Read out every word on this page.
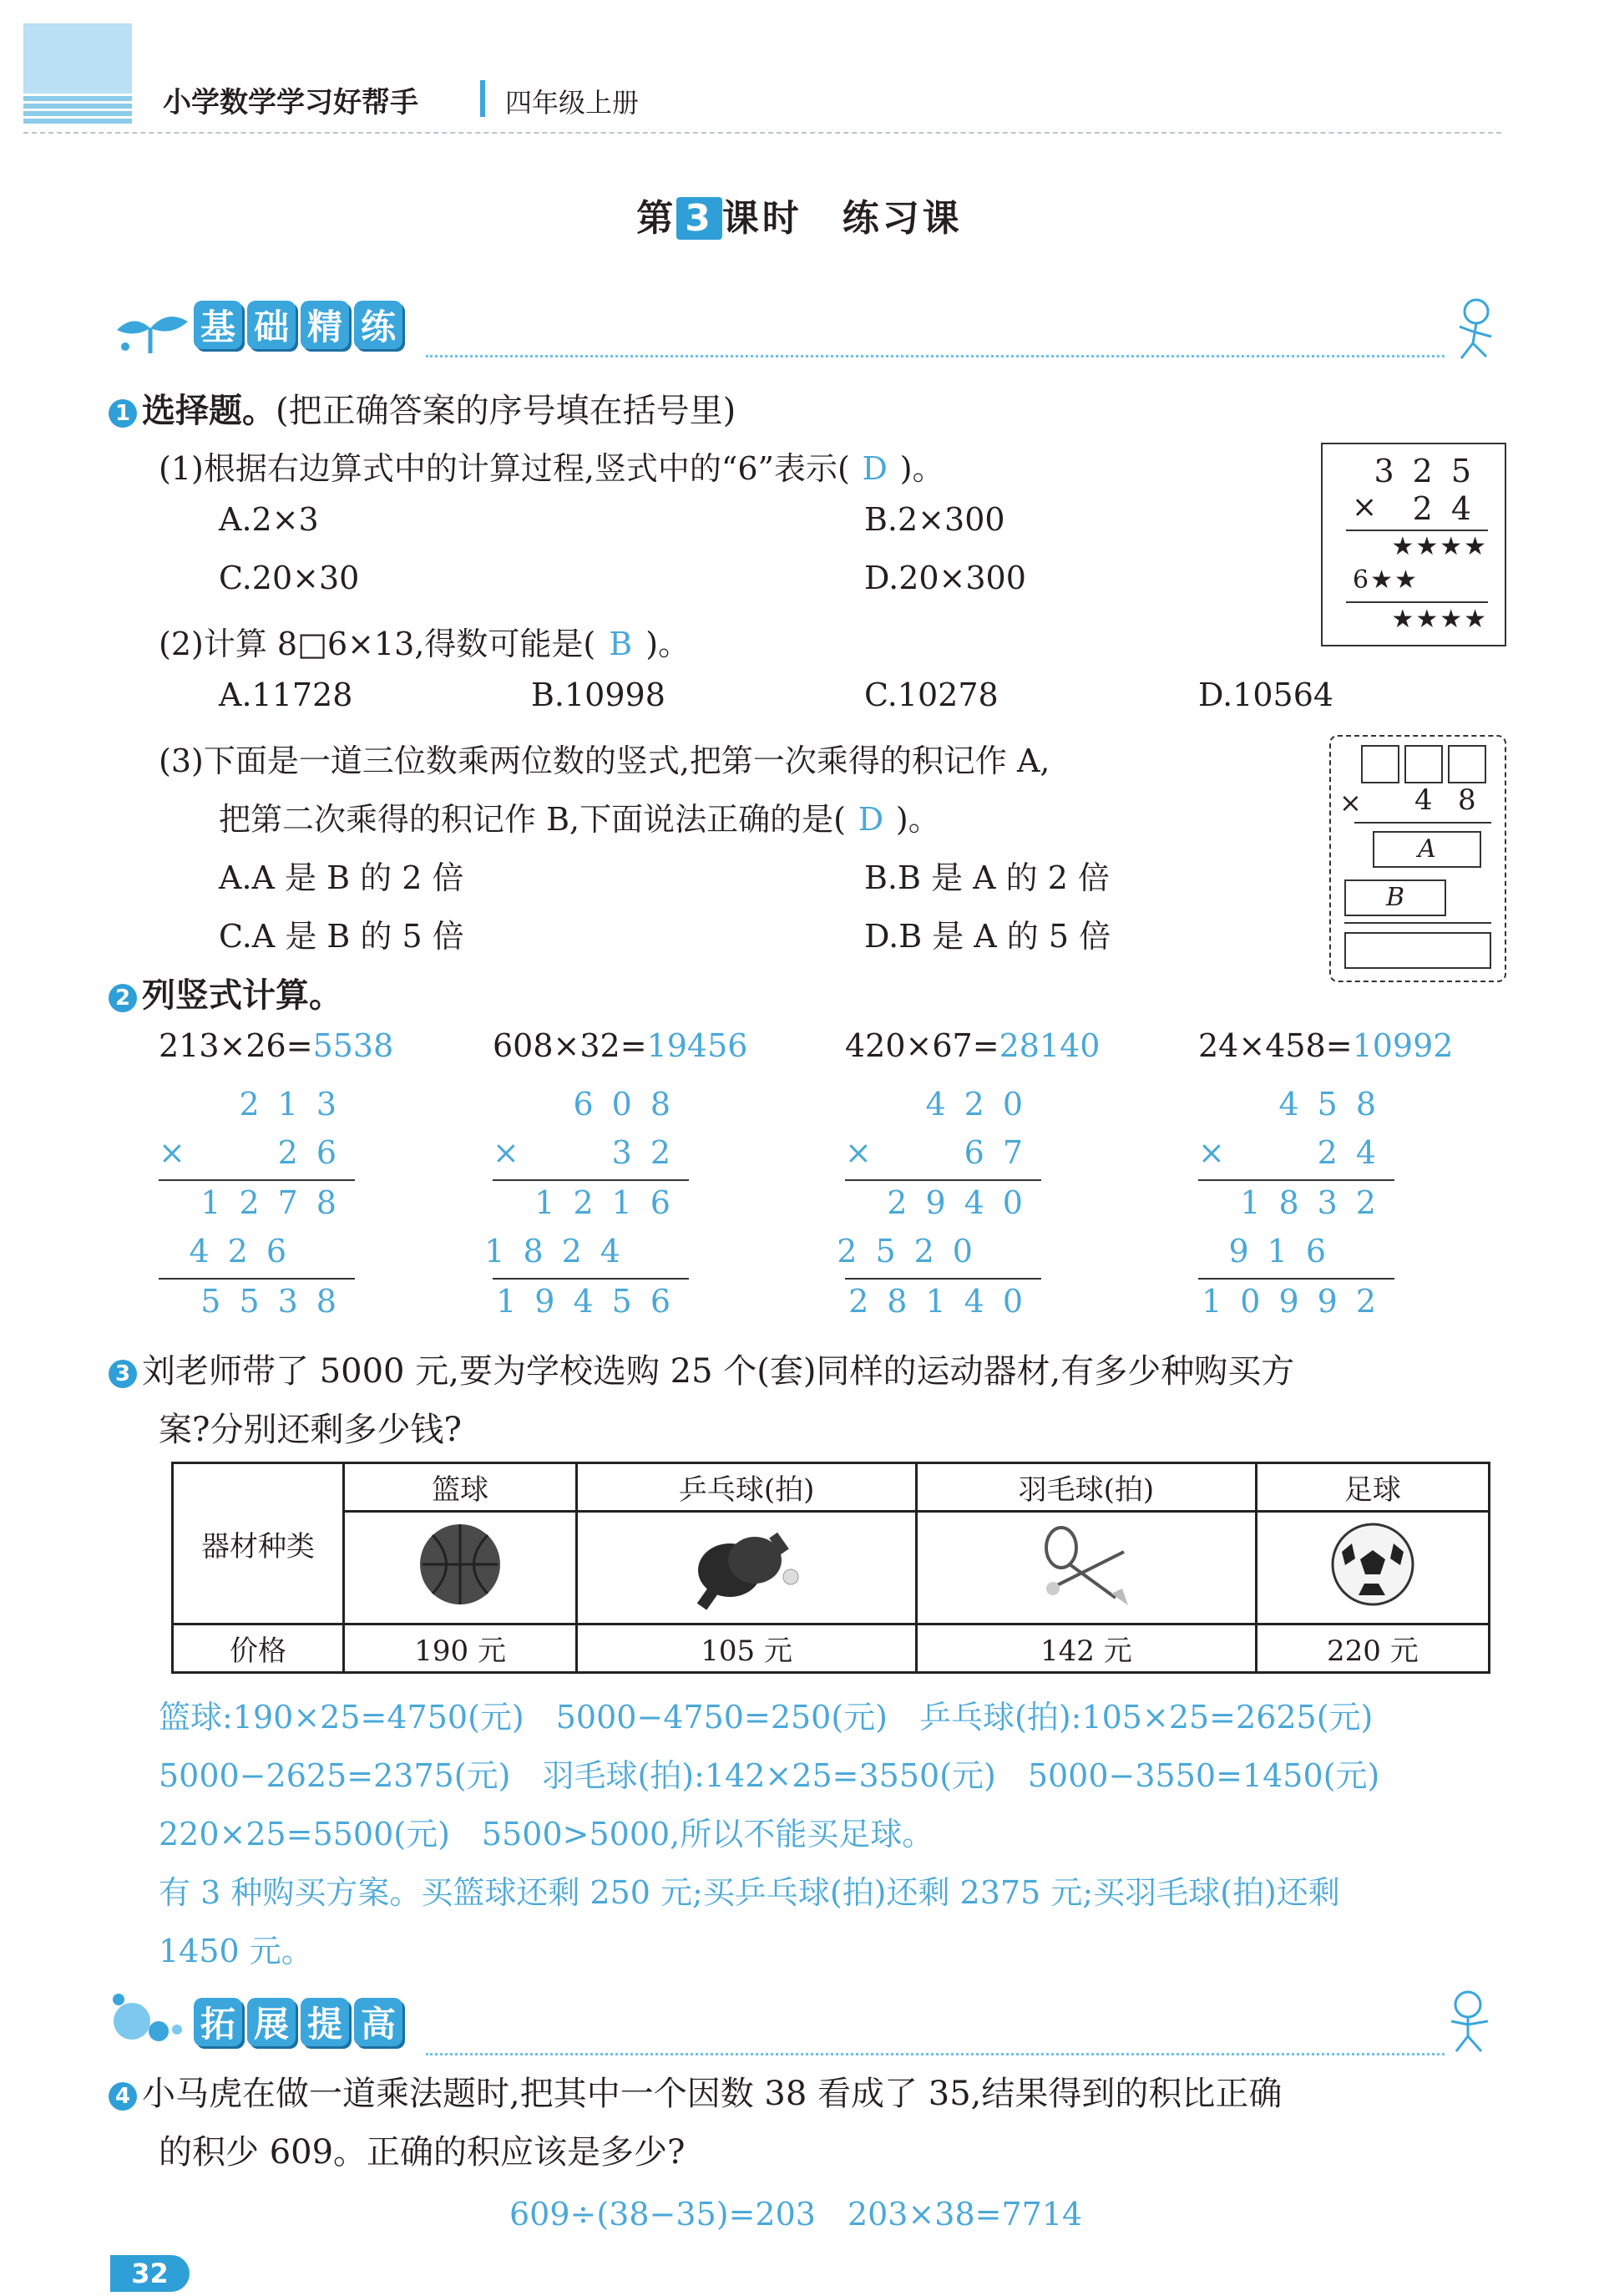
小学数学学习好帮手	四年级上册
第 3 课时　练习课
基 础 精 练
1 选择题。(把正确答案的序号填在括号里)
(1)根据右边算式中的计算过程,竖式中的“6”表示( D )。
A.2×3	B.2×300
C.20×30	D.20×300
325
× 24
★★★★
6★★
★★★★
(2)计算 8□6×13,得数可能是( B )。
A.11728	B.10998	C.10278	D.10564
(3)下面是一道三位数乘两位数的竖式,把第一次乘得的积记作 A,
把第二次乘得的积记作 B,下面说法正确的是( D )。
A.A 是 B 的 2 倍	B.B 是 A 的 2 倍
C.A 是 B 的 5 倍	D.B 是 A 的 5 倍
× 4 8
A
B
2 列竖式计算。
213×26=5538	608×32=19456	420×67=28140	24×458=10992
213
×	26
1278
426
5538
608
×	32
1216
1824
19456
420
×	67
2940
2520
28140
458
×	24
1832
916
10992
3 刘老师带了 5000 元,要为学校选购 25 个(套)同样的运动器材,有多少种购买方
案?分别还剩多少钱?
器材种类	篮球	乒乓球(拍)	羽毛球(拍)	足球

价格	190 元	105 元	142 元	220 元
篮球:190×25=4750(元)　5000−4750=250(元)　乒乓球(拍):105×25=2625(元)
5000−2625=2375(元)　羽毛球(拍):142×25=3550(元)　5000−3550=1450(元)
220×25=5500(元)　5500>5000,所以不能买足球。
有 3 种购买方案。买篮球还剩 250 元;买乒乓球(拍)还剩 2375 元;买羽毛球(拍)还剩
1450 元。
拓 展 提 高
4 小马虎在做一道乘法题时,把其中一个因数 38 看成了 35,结果得到的积比正确
的积少 609。正确的积应该是多少?
609÷(38−35)=203　203×38=7714
32
